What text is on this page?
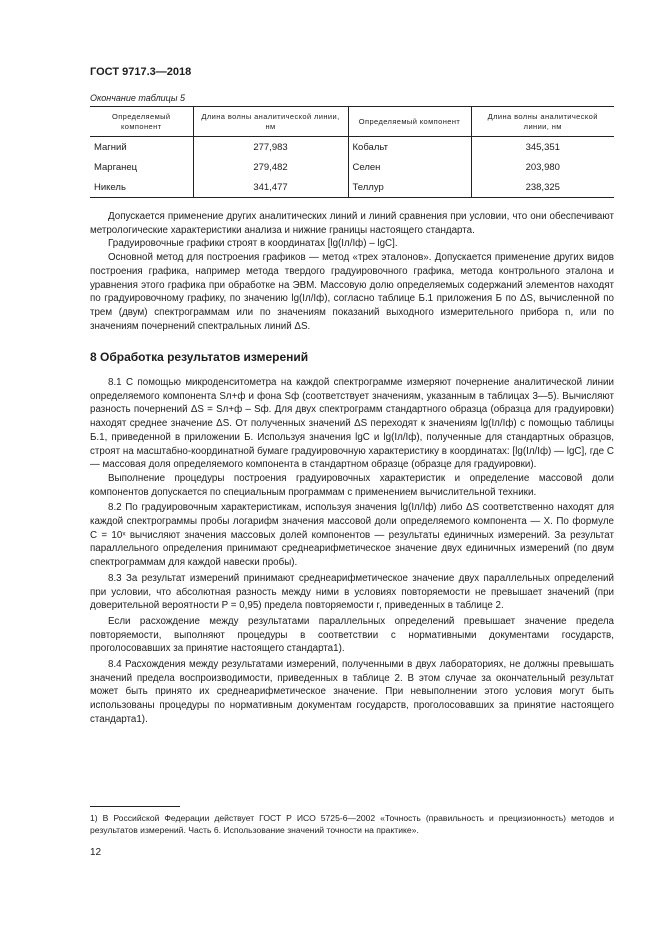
ГОСТ 9717.3—2018
Окончание таблицы 5
Определяемый компонент	Длина волны аналитической линии, нм	Определяемый компонент	Длина волны аналитической линии, нм
Магний	277,983	Кобальт	345,351
Марганец	279,482	Селен	203,980
Никель	341,477	Теллур	238,325

Допускается применение других аналитических линий и линий сравнения при условии, что они обеспечивают метрологические характеристики анализа и нижние границы настоящего стандарта.

Градуировочные графики строят в координатах [lg(Iл/Iф) – lgC].

Основной метод для построения графиков — метод «трех эталонов». Допускается применение других видов построения графика, например метода твердого градуировочного графика, метода контрольного эталона и уравнения этого графика при обработке на ЭВМ. Массовую долю определяемых содержаний элементов находят по градуировочному графику, по значению lg(Iл/Iф), согласно таблице Б.1 приложения Б по ΔS, вычисленной по трем (двум) спектрограммам или по значениям показаний выходного измерительного прибора n, или по значениям почернений спектральных линий ΔS.

8 Обработка результатов измерений

8.1 С помощью микроденситометра на каждой спектрограмме измеряют почернение аналитической линии определяемого компонента Sл+ф и фона Sф (соответствует значениям, указанным в таблицах 3—5). Вычисляют разность почернений ΔS = Sл+ф – Sф. Для двух спектрограмм стандартного образца (образца для градуировки) находят среднее значение ΔS. От полученных значений ΔS переходят к значениям lg(Iл/Iф) с помощью таблицы Б.1, приведенной в приложении Б. Используя значения lgC и lg(Iл/Iф), полученные для стандартных образцов, строят на масштабно-координатной бумаге градуировочную характеристику в координатах: [lg(Iл/Iф) — lgC], где C — массовая доля определяемого компонента в стандартном образце (образце для градуировки).

Выполнение процедуры построения градуировочных характеристик и определение массовой доли компонентов допускается по специальным программам с применением вычислительной техники.

8.2 По градуировочным характеристикам, используя значения lg(Iл/Iф) либо ΔS соответственно находят для каждой спектрограммы пробы логарифм значения массовой доли определяемого компонента — X. По формуле C = 10ˣ вычисляют значения массовых долей компонентов — результаты единичных измерений. За результат параллельного определения принимают среднеарифметическое значение двух единичных измерений (по двум спектрограммам для каждой навески пробы).

8.3 За результат измерений принимают среднеарифметическое значение двух параллельных определений при условии, что абсолютная разность между ними в условиях повторяемости не превышает значений (при доверительной вероятности P = 0,95) предела повторяемости r, приведенных в таблице 2.

Если расхождение между результатами параллельных определений превышает значение предела повторяемости, выполняют процедуры в соответствии с нормативными документами государств, проголосовавших за принятие настоящего стандарта1).

8.4 Расхождения между результатами измерений, полученными в двух лабораториях, не должны превышать значений предела воспроизводимости, приведенных в таблице 2. В этом случае за окончательный результат может быть принято их среднеарифметическое значение. При невыполнении этого условия могут быть использованы процедуры по нормативным документам государств, проголосовавших за принятие настоящего стандарта1).

1) В Российской Федерации действует ГОСТ Р ИСО 5725-6—2002 «Точность (правильность и прецизионность) методов и результатов измерений. Часть 6. Использование значений точности на практике».
12
